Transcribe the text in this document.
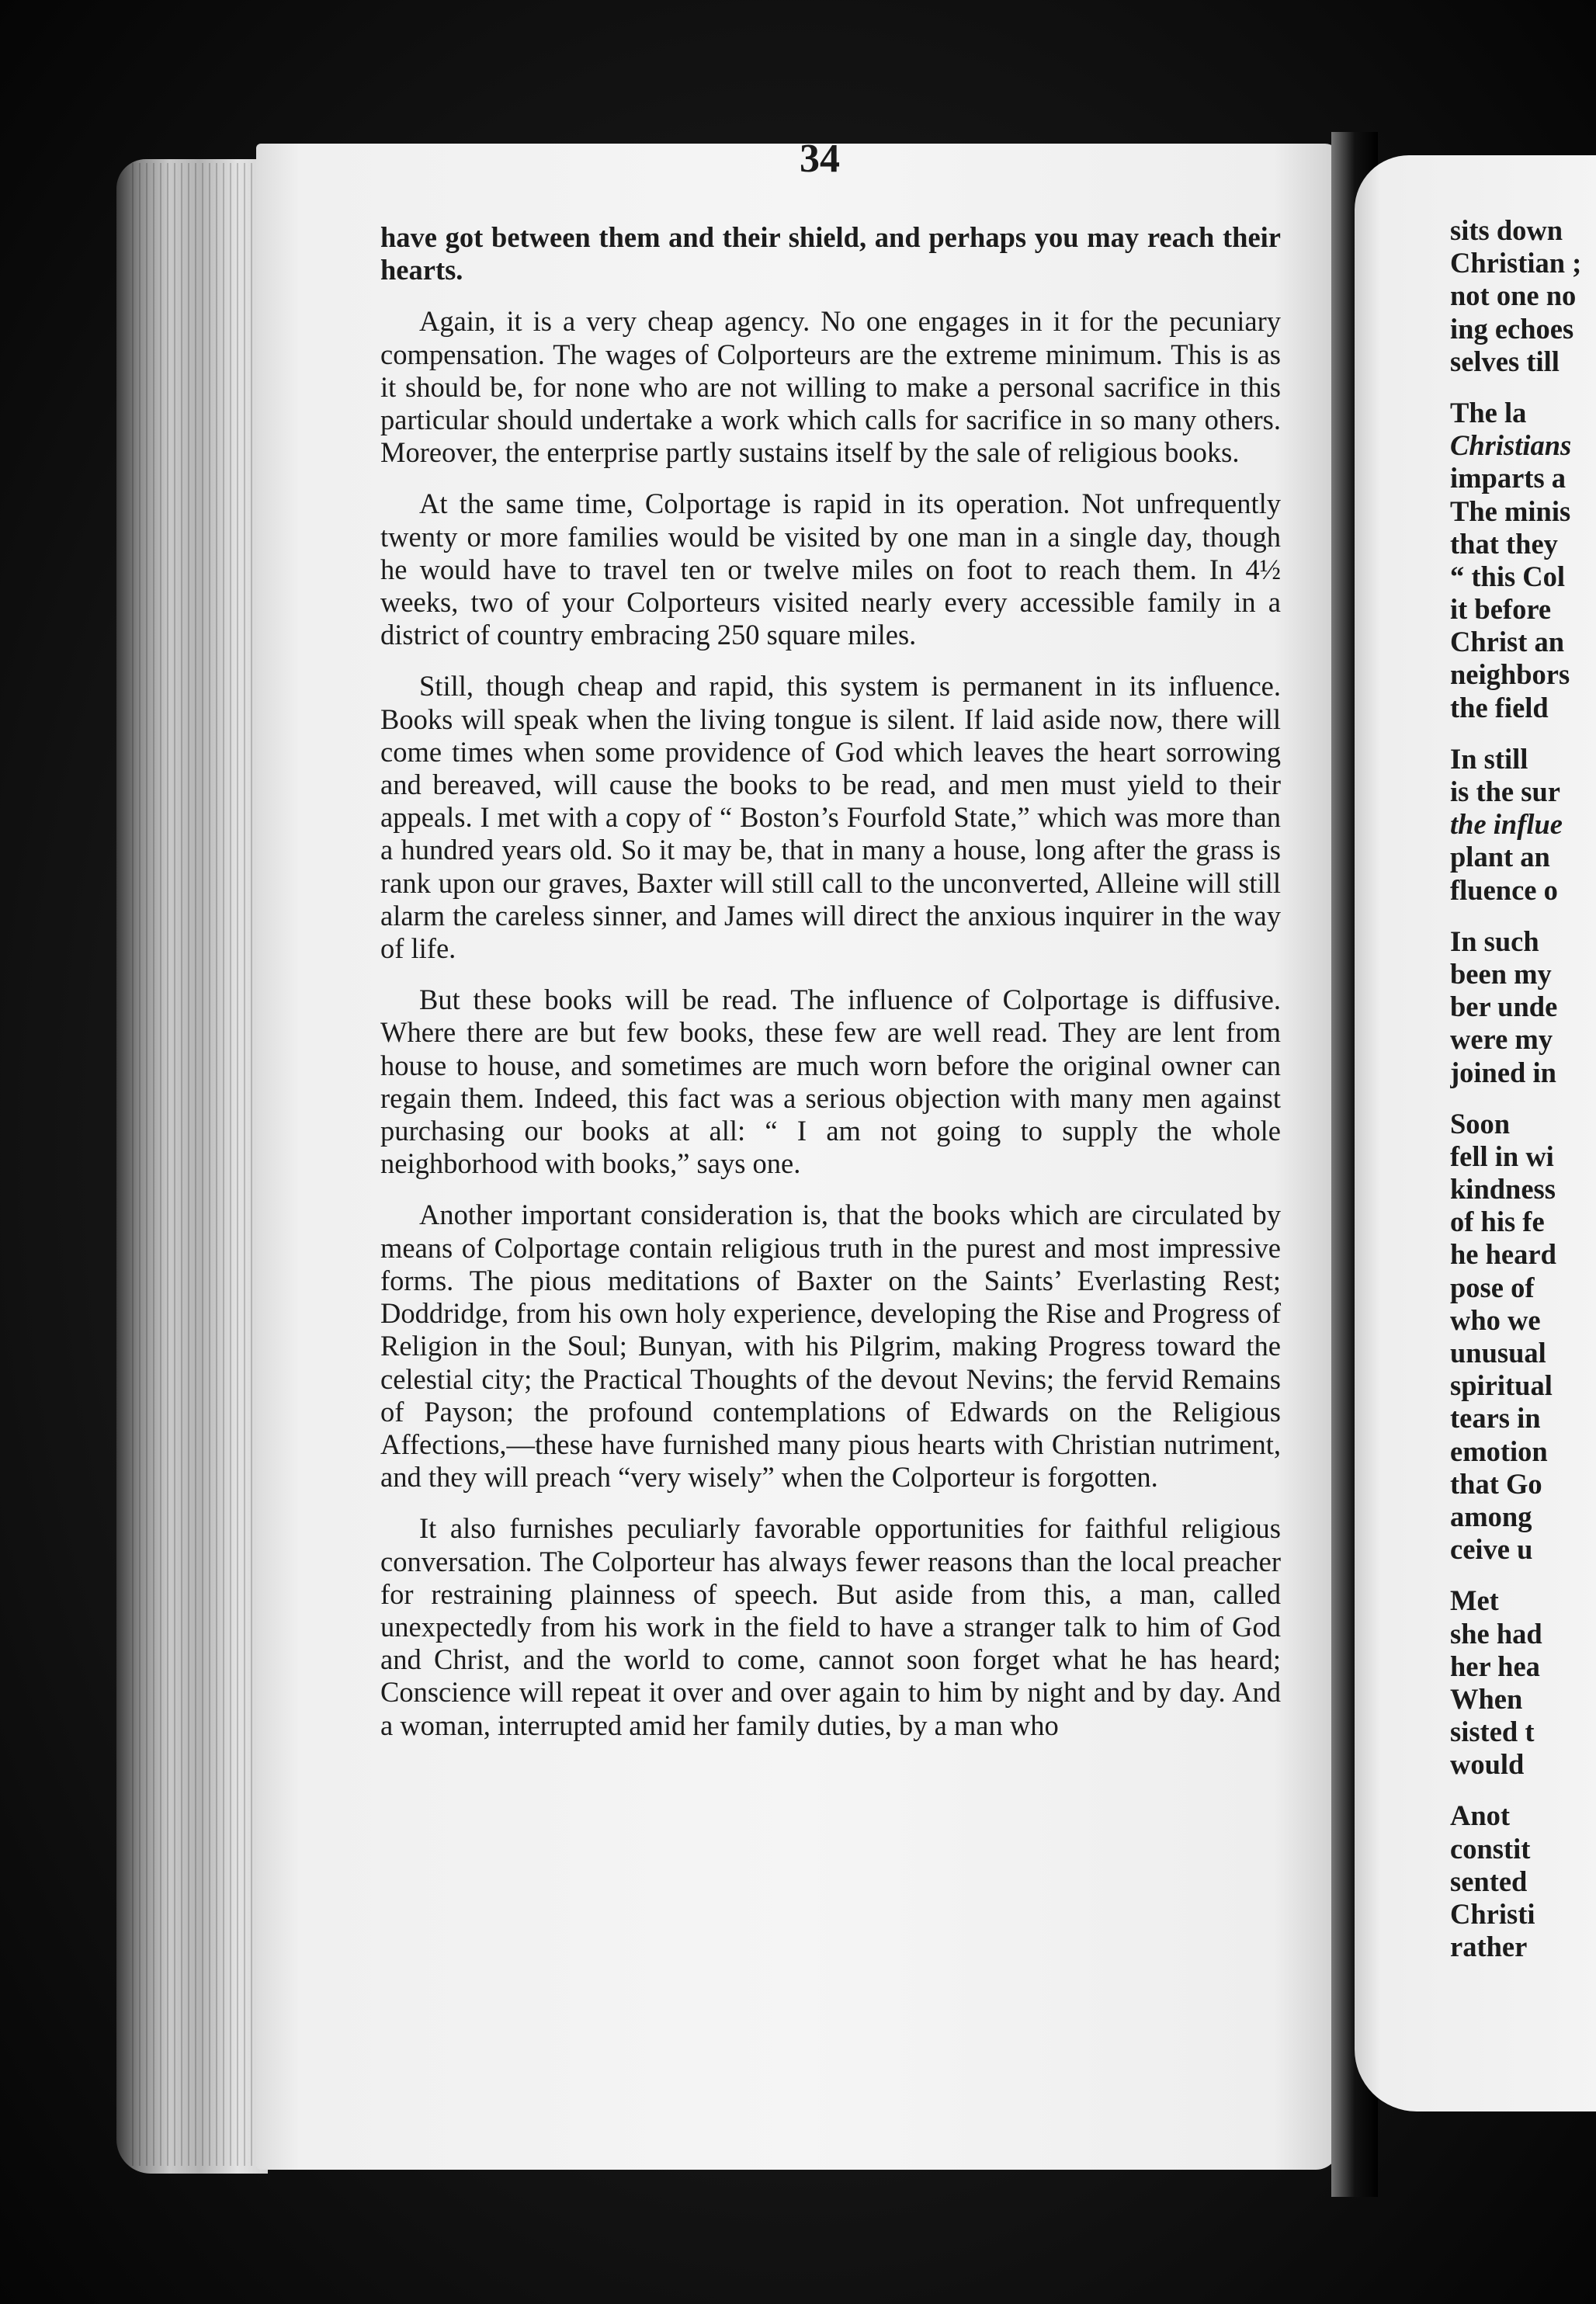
34

have got between them and their shield, and perhaps you may reach their hearts.

Again, it is a very cheap agency. No one engages in it for the pecuniary compensation. The wages of Colporteurs are the extreme minimum. This is as it should be, for none who are not willing to make a personal sacrifice in this particular should undertake a work which calls for sacrifice in so many others. Moreover, the enterprise partly sustains itself by the sale of religious books.

At the same time, Colportage is rapid in its operation. Not unfrequently twenty or more families would be visited by one man in a single day, though he would have to travel ten or twelve miles on foot to reach them. In 4½ weeks, two of your Colporteurs visited nearly every accessible family in a district of country embracing 250 square miles.

Still, though cheap and rapid, this system is permanent in its influence. Books will speak when the living tongue is silent. If laid aside now, there will come times when some providence of God which leaves the heart sorrowing and bereaved, will cause the books to be read, and men must yield to their appeals. I met with a copy of “ Boston’s Fourfold State,” which was more than a hundred years old. So it may be, that in many a house, long after the grass is rank upon our graves, Baxter will still call to the unconverted, Alleine will still alarm the careless sinner, and James will direct the anxious inquirer in the way of life.

But these books will be read. The influence of Colportage is diffusive. Where there are but few books, these few are well read. They are lent from house to house, and sometimes are much worn before the original owner can regain them. Indeed, this fact was a serious objection with many men against purchasing our books at all: “ I am not going to supply the whole neighborhood with books,” says one.

Another important consideration is, that the books which are circulated by means of Colportage contain religious truth in the purest and most impressive forms. The pious meditations of Baxter on the Saints’ Everlasting Rest; Doddridge, from his own holy experience, developing the Rise and Progress of Religion in the Soul; Bunyan, with his Pilgrim, making Progress toward the celestial city; the Practical Thoughts of the devout Nevins; the fervid Remains of Payson; the profound contemplations of Edwards on the Religious Affections,—these have furnished many pious hearts with Christian nutriment, and they will preach “very wisely” when the Colporteur is forgotten.

It also furnishes peculiarly favorable opportunities for faithful religious conversation. The Colporteur has always fewer reasons than the local preacher for restraining plainness of speech. But aside from this, a man, called unexpectedly from his work in the field to have a stranger talk to him of God and Christ, and the world to come, cannot soon forget what he has heard; Conscience will repeat it over and over again to him by night and by day. And a woman, interrupted amid her family duties, by a man who

sits down
Christian ;
not one no
ing echoes
selves till
The la
Christians
imparts a
The minis
that they
“ this Col
it before
Christ an
neighbors
the field
In still
is the sur
the influe
plant an
fluence o
In such
been my
ber unde
were my
joined in
Soon
fell in wi
kindness
of his fe
he heard
pose of
who we
unusual
spiritual
tears in
emotion
that Go
among
ceive u
Met
she had
her hea
When
sisted t
would
Anot
constit
sented
Christi
rather
